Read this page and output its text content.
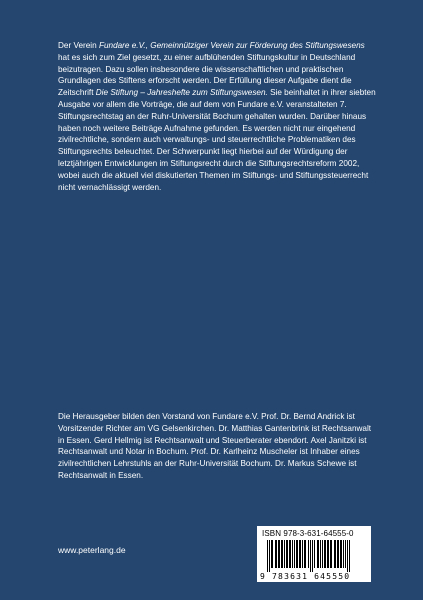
Der Verein Fundare e.V., Gemeinnütziger Verein zur Förderung des Stiftungswesens hat es sich zum Ziel gesetzt, zu einer aufblühenden Stiftungskultur in Deutschland beizutragen. Dazu sollen insbesondere die wissenschaftlichen und praktischen Grundlagen des Stiftens erforscht werden. Der Erfüllung dieser Aufgabe dient die Zeitschrift Die Stiftung – Jahreshefte zum Stiftungswesen. Sie beinhaltet in ihrer siebten Ausgabe vor allem die Vorträge, die auf dem von Fundare e.V. veranstalteten 7. Stiftungsrechtstag an der Ruhr-Universität Bochum gehalten wurden. Darüber hinaus haben noch weitere Beiträge Aufnahme gefunden. Es werden nicht nur eingehend zivilrechtliche, sondern auch verwaltungs- und steuerrechtliche Problematiken des Stiftungsrechts beleuchtet. Der Schwerpunkt liegt hierbei auf der Würdigung der letztjährigen Entwicklungen im Stiftungsrecht durch die Stiftungsrechtsreform 2002, wobei auch die aktuell viel diskutierten Themen im Stiftungs- und Stiftungssteuerrecht nicht vernachlässigt werden.

Die Herausgeber bilden den Vorstand von Fundare e.V. Prof. Dr. Bernd Andrick ist Vorsitzender Richter am VG Gelsenkirchen. Dr. Matthias Gantenbrink ist Rechtsanwalt in Essen. Gerd Hellmig ist Rechtsanwalt und Steuerberater ebendort. Axel Janitzki ist Rechtsanwalt und Notar in Bochum. Prof. Dr. Karlheinz Muscheler ist Inhaber eines zivilrechtlichen Lehrstuhls an der Ruhr-Universität Bochum. Dr. Markus Schewe ist Rechtsanwalt in Essen.

www.peterlang.de
ISBN 978-3-631-64555-0
9 783631 645550
